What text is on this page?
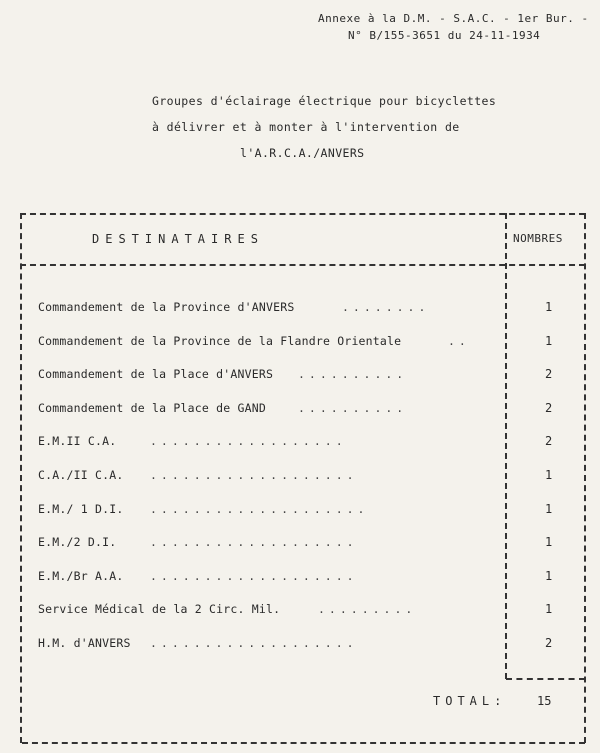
Annexe à la D.M. - S.A.C. - 1er Bur. -
N° B/155-3651 du 24-11-1934
Groupes d'éclairage électrique pour bicyclettes
à délivrer et à monter à l'intervention de
l'A.R.C.A./ANVERS
DESTINATAIRES	NOMBRES
Commandement de la Province d'ANVERS	........	1
Commandement de la Province de la Flandre Orientale	..	1
Commandement de la Place d'ANVERS ..........	2
Commandement de la Place de GAND	..........	2
E.M.II C.A.	..................	2
C.A./II C.A. ...................	1
E.M./ 1 D.I. ....................	1
E.M./2 D.I.	...................	1
E.M./Br A.A. ...................	1
Service Médical de la 2 Circ. Mil.	.........	1
H.M. d'ANVERS ...................	2
TOTAL:	15
